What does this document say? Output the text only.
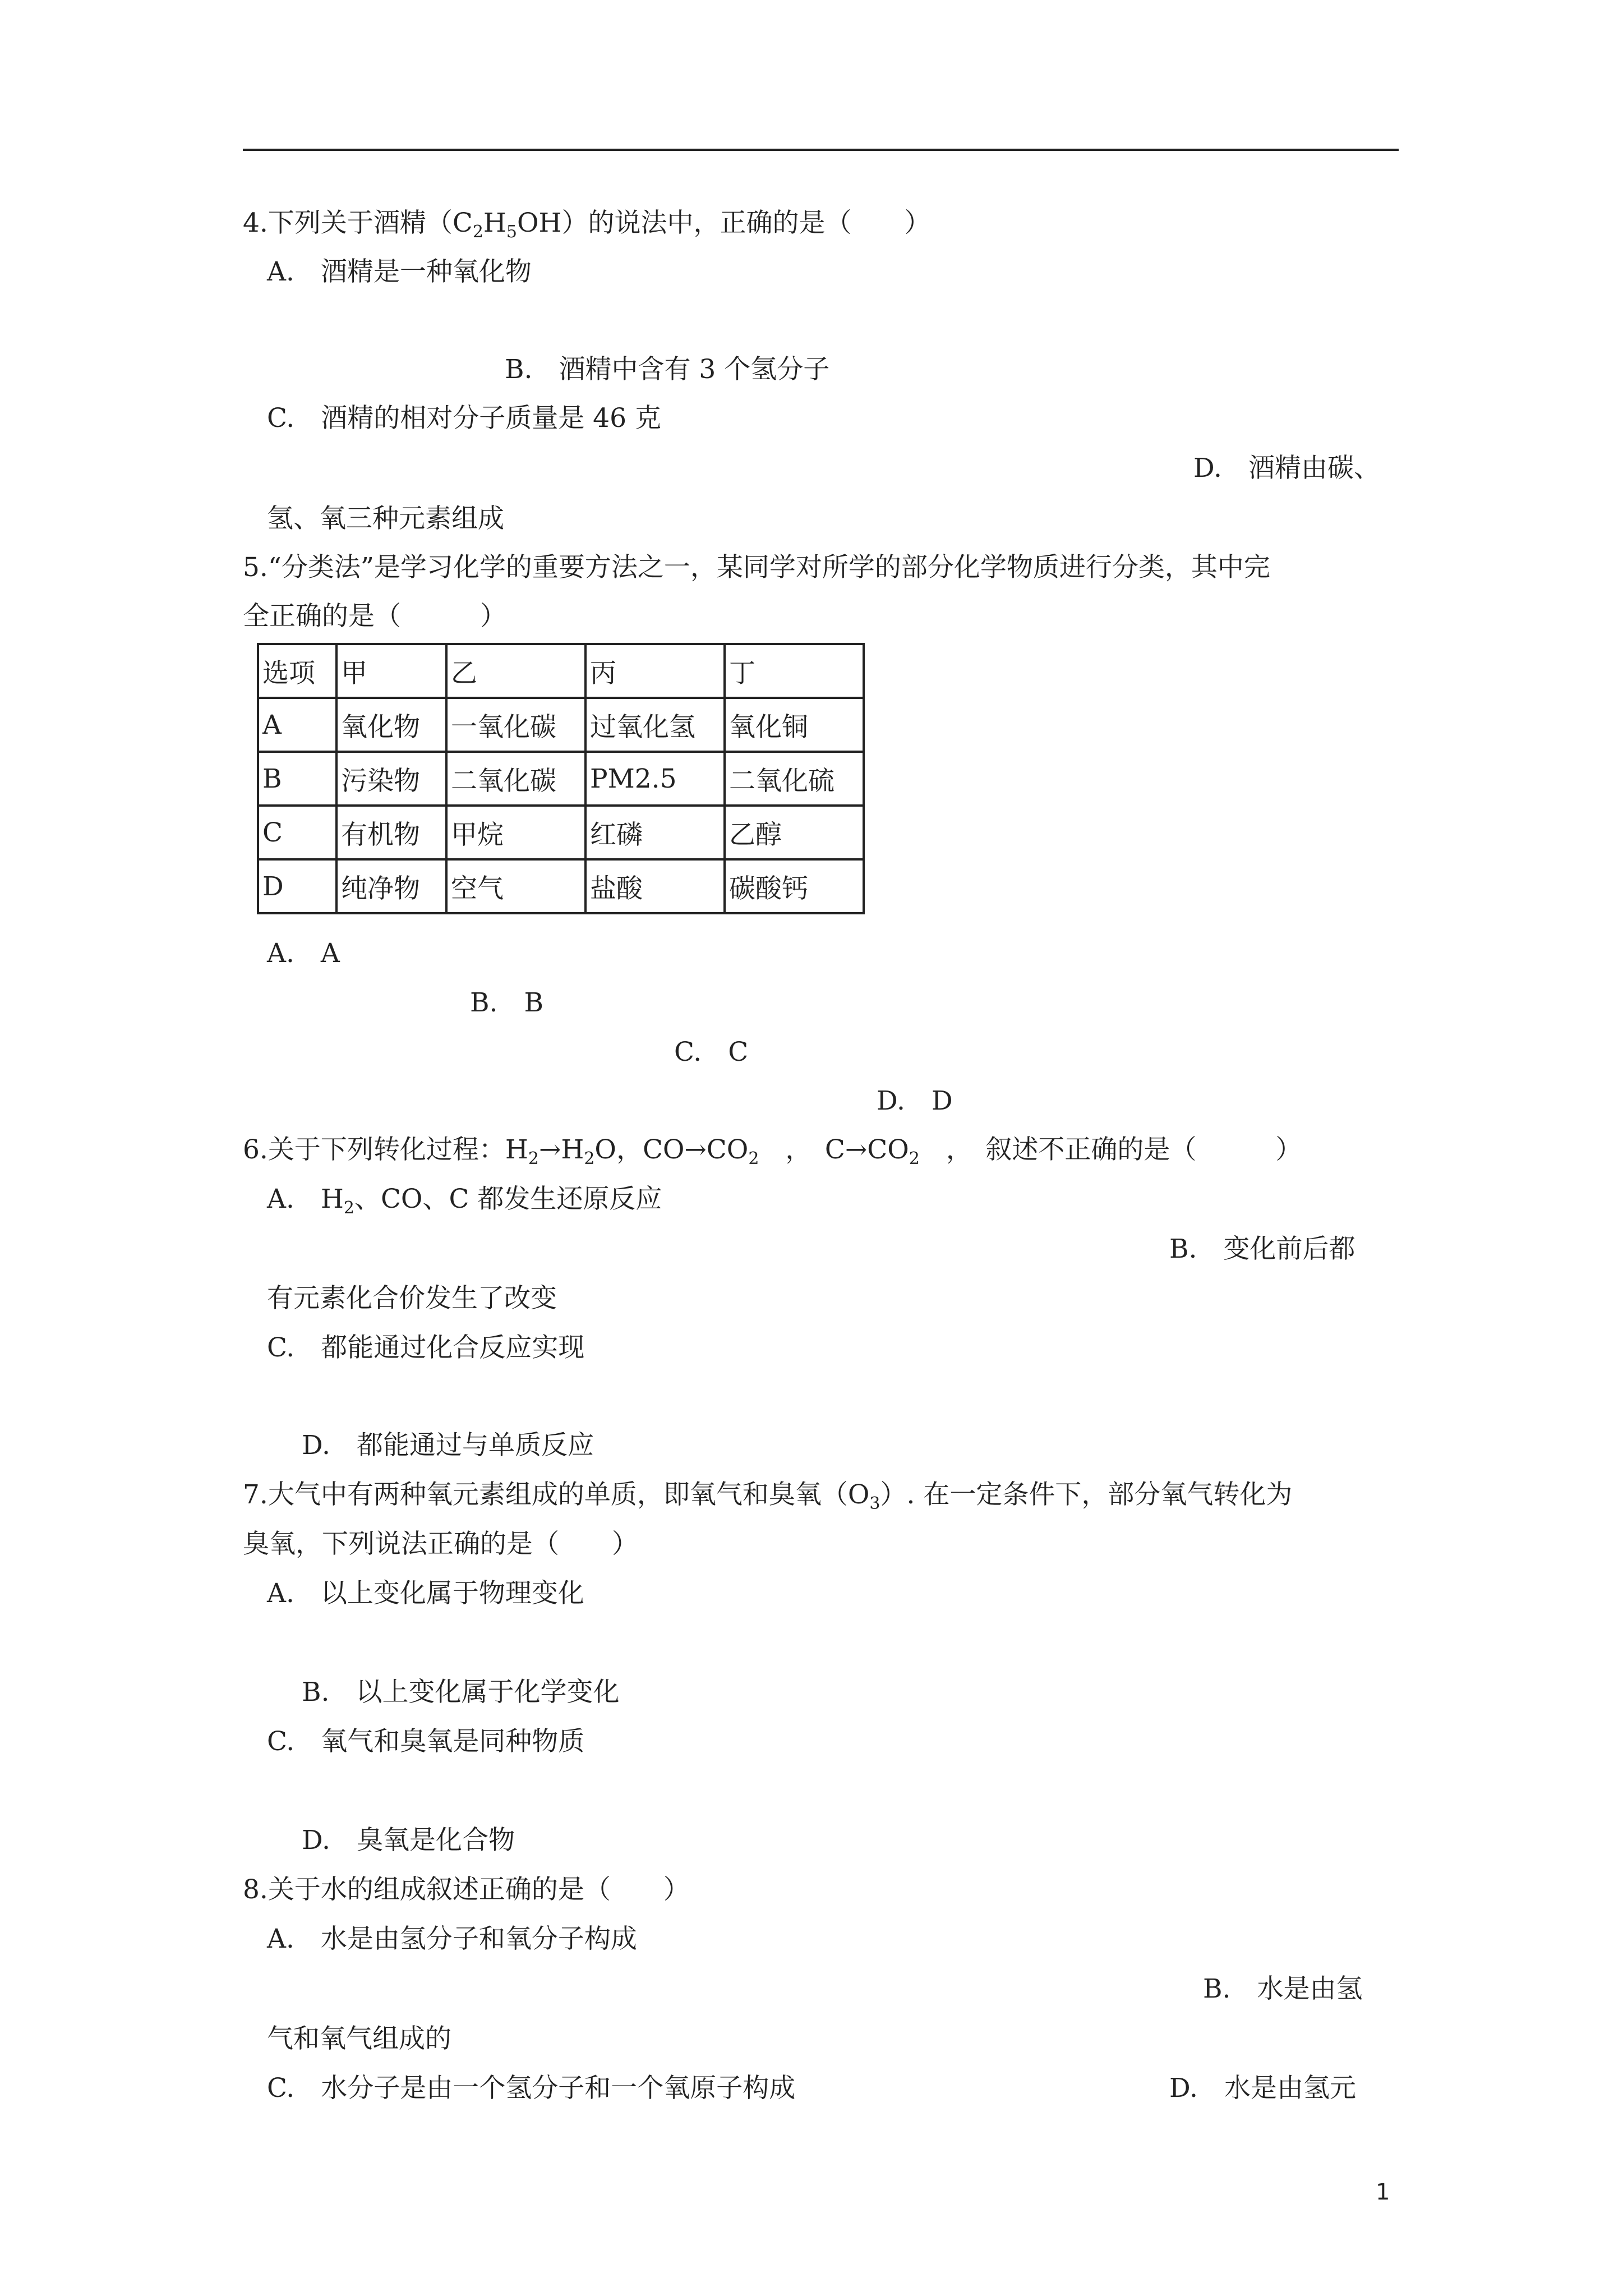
4.下列关于酒精$(C_2H_5OH)$的说法中，正确的是（　　）
A.　酒精是一种氧化物
B.　酒精中含有 3 个氢分子
C.　酒精的相对分子质量是 46 克
D.　酒精由碳、
氢、氧三种元素组成
5.“分类法”是学习化学的重要方法之一，某同学对所学的部分化学物质进行分类，其中完
全正确的是（　　　）
选项	甲	乙	丙	丁
A	氧化物	一氧化碳	过氧化氢	氧化铜
B	污染物	二氧化碳	PM2.5	二氧化硫
C	有机物	甲烷	红磷	乙醇
D	纯净物	空气	盐酸	碳酸钙
A.　A
B.　B
C.　C
D.　D
6.关于下列转化过程：$H_2\to H_2O$，$CO\to CO_2$　，　$C\to CO_2$　，　叙述不正确的是（　　　）
A.　$H_2$、CO、C 都发生还原反应
B.　变化前后都
有元素化合价发生了改变
C.　都能通过化合反应实现
D.　都能通过与单质反应
7.大气中有两种氧元素组成的单质，即氧气和臭氧$(O_3)$. 在一定条件下，部分氧气转化为
臭氧，下列说法正确的是（　　）
A.　以上变化属于物理变化
B.　以上变化属于化学变化
C.　氧气和臭氧是同种物质
D.　臭氧是化合物
8.关于水的组成叙述正确的是（　　）
A.　水是由氢分子和氧分子构成
B.　水是由氢
气和氧气组成的
C.　水分子是由一个氢分子和一个氧原子构成	D.　水是由氢元
1
